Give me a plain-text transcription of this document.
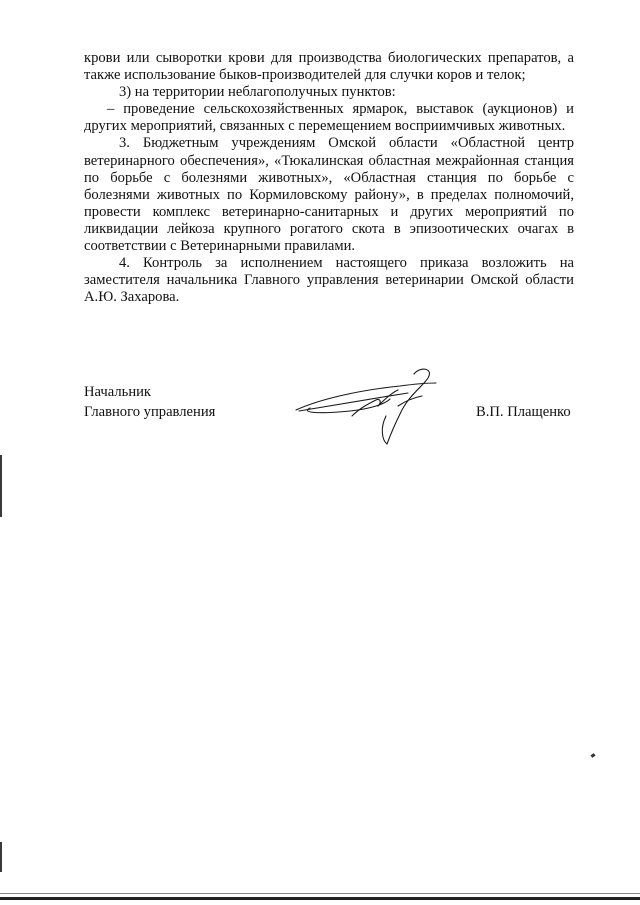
крови или сыворотки крови для производства биологических препаратов, а также использование быков-производителей для случки коров и телок;

3) на территории неблагополучных пунктов:

– проведение сельскохозяйственных ярмарок, выставок (аукционов) и других мероприятий, связанных с перемещением восприимчивых животных.

3. Бюджетным учреждениям Омской области «Областной центр ветеринарного обеспечения», «Тюкалинская областная межрайонная станция по борьбе с болезнями животных», «Областная станция по борьбе с болезнями животных по Кормиловскому району», в пределах полномочий, провести комплекс ветеринарно-санитарных и других мероприятий по ликвидации лейкоза крупного рогатого скота в эпизоотических очагах в соответствии с Ветеринарными правилами.

4. Контроль за исполнением настоящего приказа возложить на заместителя начальника Главного управления ветеринарии Омской области А.Ю. Захарова.

Начальник
Главного управления	В.П. Плащенко
